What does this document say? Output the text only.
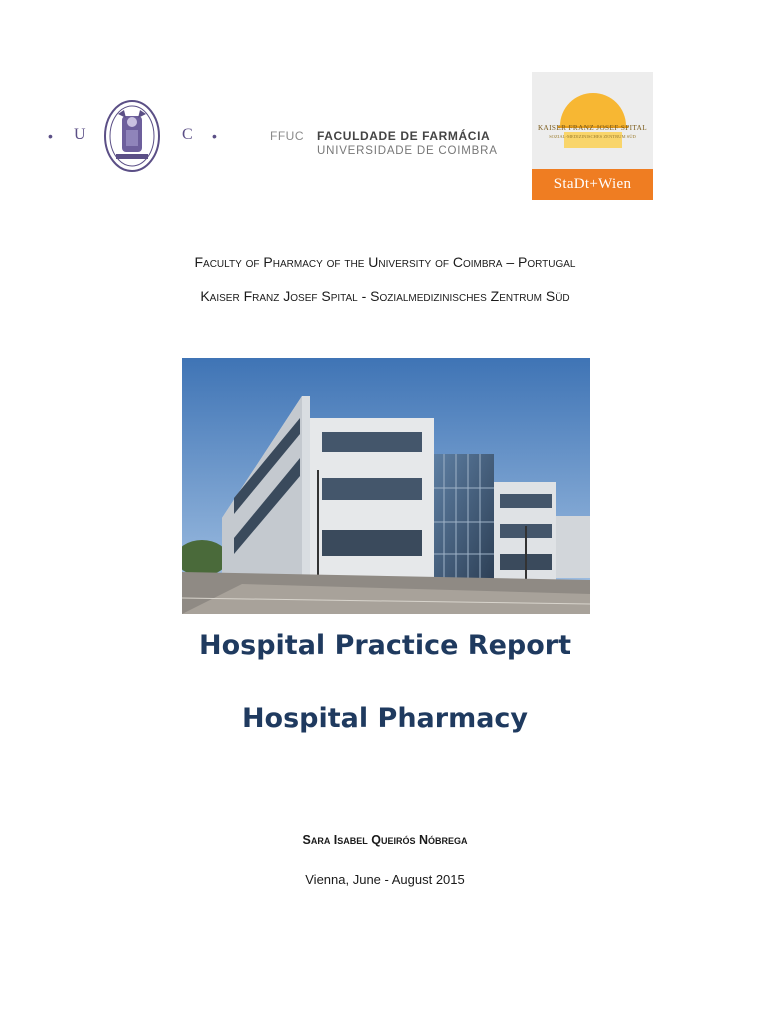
• U	C •	FFUC FACULDADE DE FARMÁCIA
UNIVERSIDADE DE COIMBRA
KAISER FRANZ JOSEF SPITAL
SOZIAL-MEDIZINISCHES ZENTRUM SÜD
StaDt+Wien
Faculty of Pharmacy of the University of Coimbra – Portugal
Kaiser Franz Josef Spital - Sozialmedizinisches Zentrum Süd
Hospital Practice Report
Hospital Pharmacy
Sara Isabel Queirós Nóbrega
Vienna, June - August 2015
